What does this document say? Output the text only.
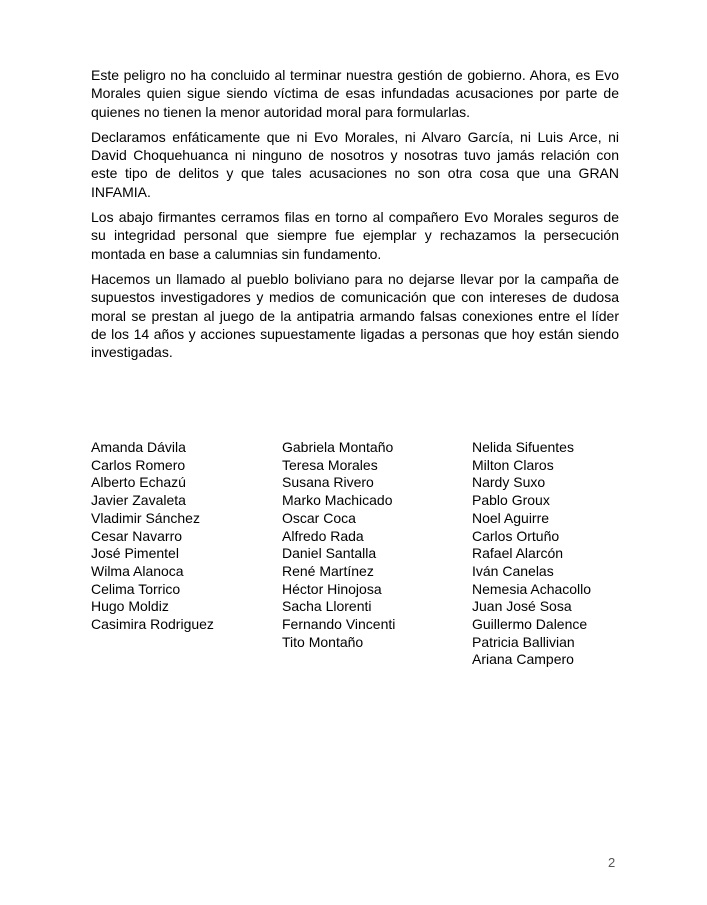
Este peligro no ha concluido al terminar nuestra gestión de gobierno. Ahora, es Evo Morales quien sigue siendo víctima de esas infundadas acusaciones por parte de quienes no tienen la menor autoridad moral para formularlas.

Declaramos enfáticamente que ni Evo Morales, ni Alvaro García, ni Luis Arce, ni David Choquehuanca ni ninguno de nosotros y nosotras tuvo jamás relación con este tipo de delitos y que tales acusaciones no son otra cosa que una GRAN INFAMIA.

Los abajo firmantes cerramos filas en torno al compañero Evo Morales seguros de su integridad personal que siempre fue ejemplar y rechazamos la persecución montada en base a calumnias sin fundamento.

Hacemos un llamado al pueblo boliviano para no dejarse llevar por la campaña de supuestos investigadores y medios de comunicación que con intereses de dudosa moral se prestan al juego de la antipatria armando falsas conexiones entre el líder de los 14 años y acciones supuestamente ligadas a personas que hoy están siendo investigadas.

Amanda Dávila
Carlos Romero
Alberto Echazú
Javier Zavaleta
Vladimir Sánchez
Cesar Navarro
José Pimentel
Wilma Alanoca
Celima Torrico
Hugo Moldiz
Casimira Rodriguez
Gabriela Montaño
Teresa Morales
Susana Rivero
Marko Machicado
Oscar Coca
Alfredo Rada
Daniel Santalla
René Martínez
Héctor Hinojosa
Sacha Llorenti
Fernando Vincenti
Tito Montaño
Nelida Sifuentes
Milton Claros
Nardy Suxo
Pablo Groux
Noel Aguirre
Carlos Ortuño
Rafael Alarcón
Iván Canelas
Nemesia Achacollo
Juan José Sosa
Guillermo Dalence
Patricia Ballivian
Ariana Campero
2
